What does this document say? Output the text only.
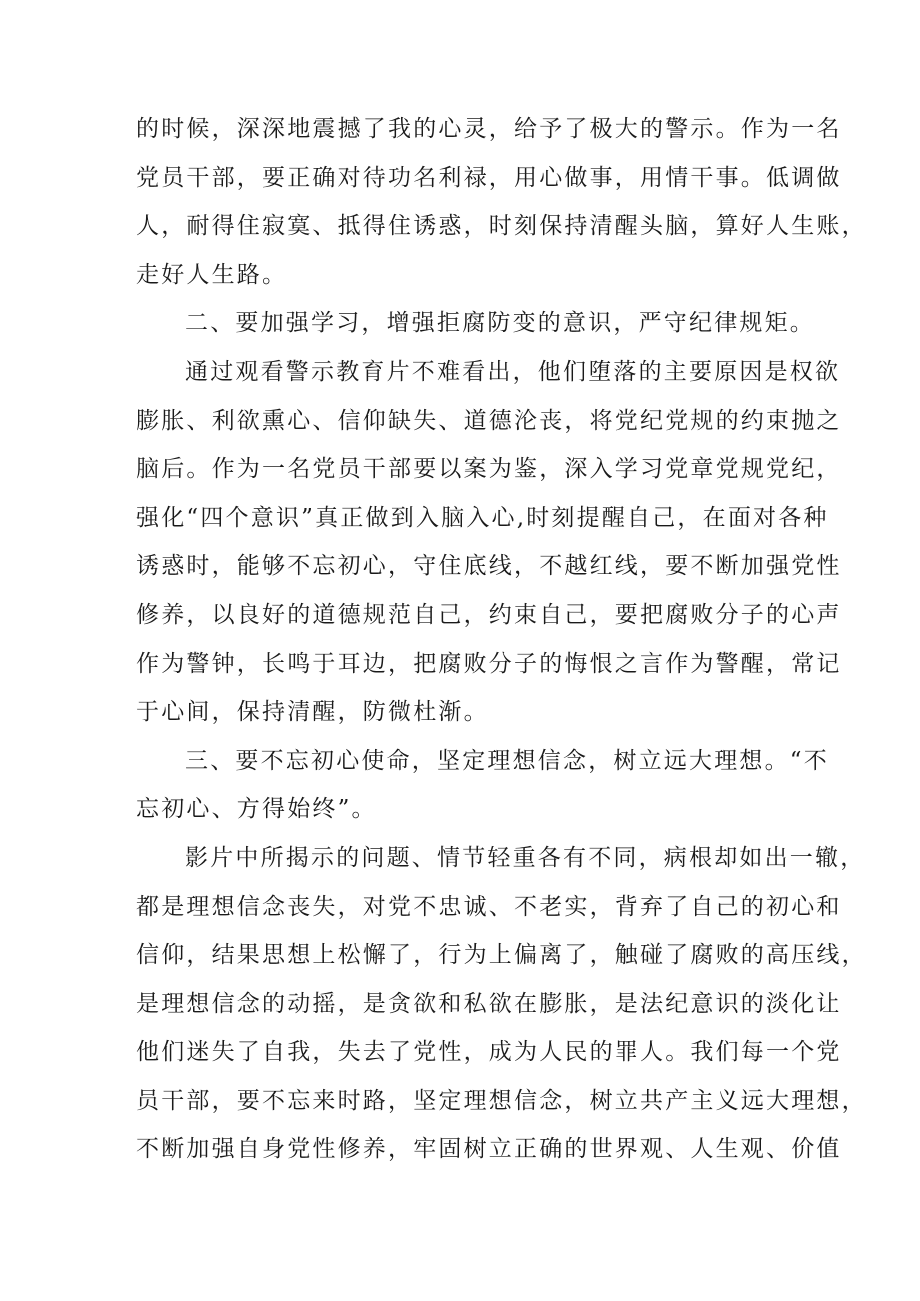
的时候，深深地震撼了我的心灵，给予了极大的警示。作为一名
党员干部，要正确对待功名利禄，用心做事，用情干事。低调做
人，耐得住寂寞、抵得住诱惑，时刻保持清醒头脑，算好人生账，
走好人生路。
二、要加强学习，增强拒腐防变的意识，严守纪律规矩。
通过观看警示教育片不难看出，他们堕落的主要原因是权欲
膨胀、利欲熏心、信仰缺失、道德沦丧，将党纪党规的约束抛之
脑后。作为一名党员干部要以案为鉴，深入学习党章党规党纪，
强化“四个意识”真正做到入脑入心,时刻提醒自己，在面对各种
诱惑时，能够不忘初心，守住底线，不越红线，要不断加强党性
修养，以良好的道德规范自己，约束自己，要把腐败分子的心声
作为警钟，长鸣于耳边，把腐败分子的悔恨之言作为警醒，常记
于心间，保持清醒，防微杜渐。
三、要不忘初心使命，坚定理想信念，树立远大理想。“不
忘初心、方得始终”。
影片中所揭示的问题、情节轻重各有不同，病根却如出一辙，
都是理想信念丧失，对党不忠诚、不老实，背弃了自己的初心和
信仰，结果思想上松懈了，行为上偏离了，触碰了腐败的高压线，
是理想信念的动摇，是贪欲和私欲在膨胀，是法纪意识的淡化让
他们迷失了自我，失去了党性，成为人民的罪人。我们每一个党
员干部，要不忘来时路，坚定理想信念，树立共产主义远大理想，
不断加强自身党性修养，牢固树立正确的世界观、人生观、价值
